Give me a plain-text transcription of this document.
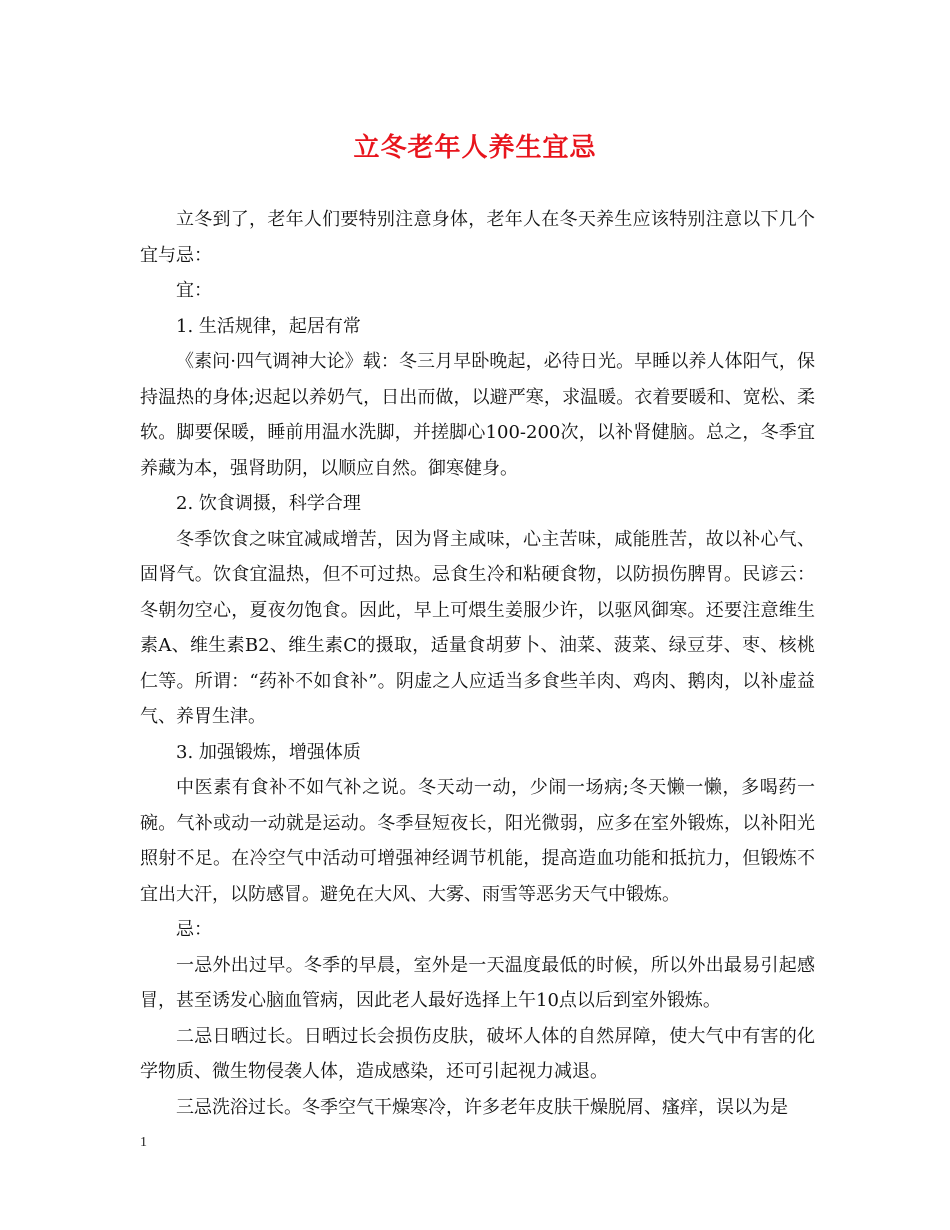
立冬老年人养生宜忌

立冬到了，老年人们要特别注意身体，老年人在冬天养生应该特别注意以下几个宜与忌：

宜：

1. 生活规律，起居有常

《素问·四气调神大论》载：冬三月早卧晚起，必待日光。早睡以养人体阳气，保持温热的身体;迟起以养奶气，日出而做，以避严寒，求温暖。衣着要暖和、宽松、柔软。脚要保暖，睡前用温水洗脚，并搓脚心100-200次，以补肾健脑。总之，冬季宜养藏为本，强肾助阴，以顺应自然。御寒健身。

2. 饮食调摄，科学合理

冬季饮食之味宜减咸增苦，因为肾主咸味，心主苦味，咸能胜苦，故以补心气、固肾气。饮食宜温热，但不可过热。忌食生冷和粘硬食物，以防损伤脾胃。民谚云：冬朝勿空心，夏夜勿饱食。因此，早上可煨生姜服少许，以驱风御寒。还要注意维生素A、维生素B2、维生素C的摄取，适量食胡萝卜、油菜、菠菜、绿豆芽、枣、核桃仁等。所谓：“药补不如食补”。阴虚之人应适当多食些羊肉、鸡肉、鹅肉，以补虚益气、养胃生津。

3. 加强锻炼，增强体质

中医素有食补不如气补之说。冬天动一动，少闹一场病;冬天懒一懒，多喝药一碗。气补或动一动就是运动。冬季昼短夜长，阳光微弱，应多在室外锻炼，以补阳光照射不足。在冷空气中活动可增强神经调节机能，提高造血功能和抵抗力，但锻炼不宜出大汗，以防感冒。避免在大风、大雾、雨雪等恶劣天气中锻炼。

忌：

一忌外出过早。冬季的早晨，室外是一天温度最低的时候，所以外出最易引起感冒，甚至诱发心脑血管病，因此老人最好选择上午10点以后到室外锻炼。

二忌日晒过长。日晒过长会损伤皮肤，破坏人体的自然屏障，使大气中有害的化学物质、微生物侵袭人体，造成感染，还可引起视力减退。

三忌洗浴过长。冬季空气干燥寒冷，许多老年皮肤干燥脱屑、瘙痒，误以为是

1
